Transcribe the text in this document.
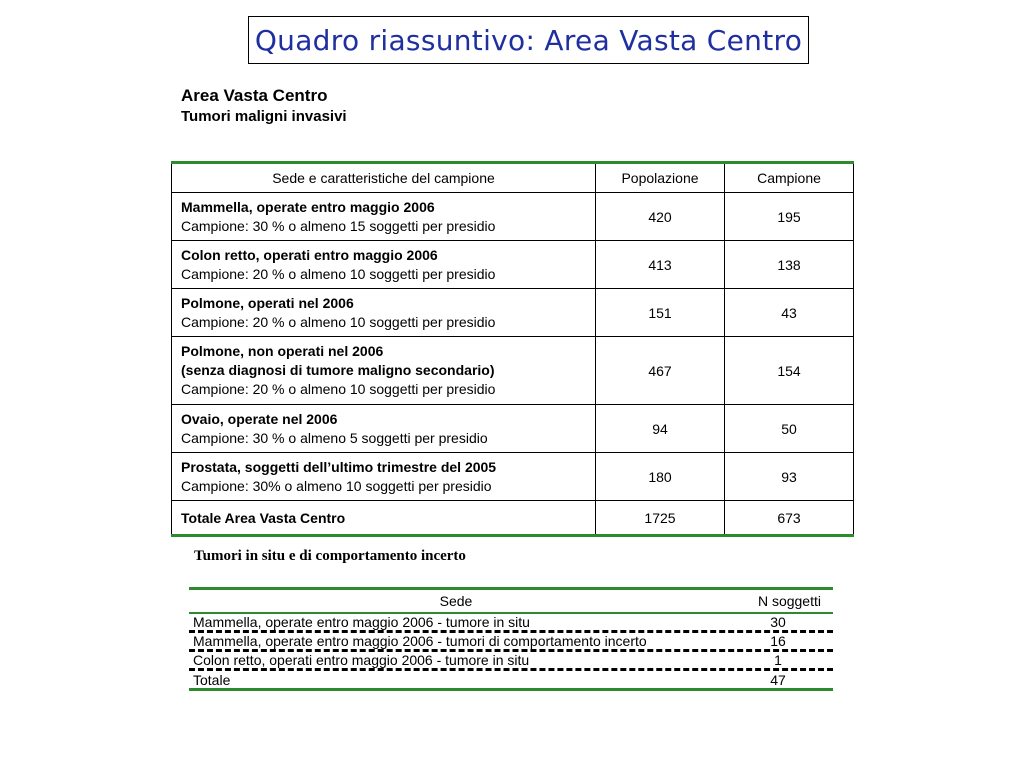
Quadro riassuntivo: Area Vasta Centro
Area Vasta Centro
Tumori maligni invasivi
Sede e caratteristiche del campione	Popolazione	Campione

Mammella, operate entro maggio 2006
Campione: 30 % o almeno 15 soggetti per presidio	420	195

Colon retto, operati entro maggio 2006
Campione: 20 % o almeno 10 soggetti per presidio	413	138

Polmone, operati nel 2006
Campione: 20 % o almeno 10 soggetti per presidio	151	43

Polmone, non operati nel 2006
(senza diagnosi di tumore maligno secondario)
Campione: 20 % o almeno 10 soggetti per presidio	467	154

Ovaio, operate nel 2006
Campione: 30 % o almeno 5 soggetti per presidio	94	50

Prostata, soggetti dell’ultimo trimestre del 2005
Campione: 30% o almeno 10 soggetti per presidio	180	93
Totale Area Vasta Centro	1725	673
Tumori in situ e di comportamento incerto
Sede	N soggetti
Mammella, operate entro maggio 2006 - tumore in situ	30
Mammella, operate entro maggio 2006 - tumori di comportamento incerto	16
Colon retto, operati entro maggio 2006 - tumore in situ	1
Totale	47
